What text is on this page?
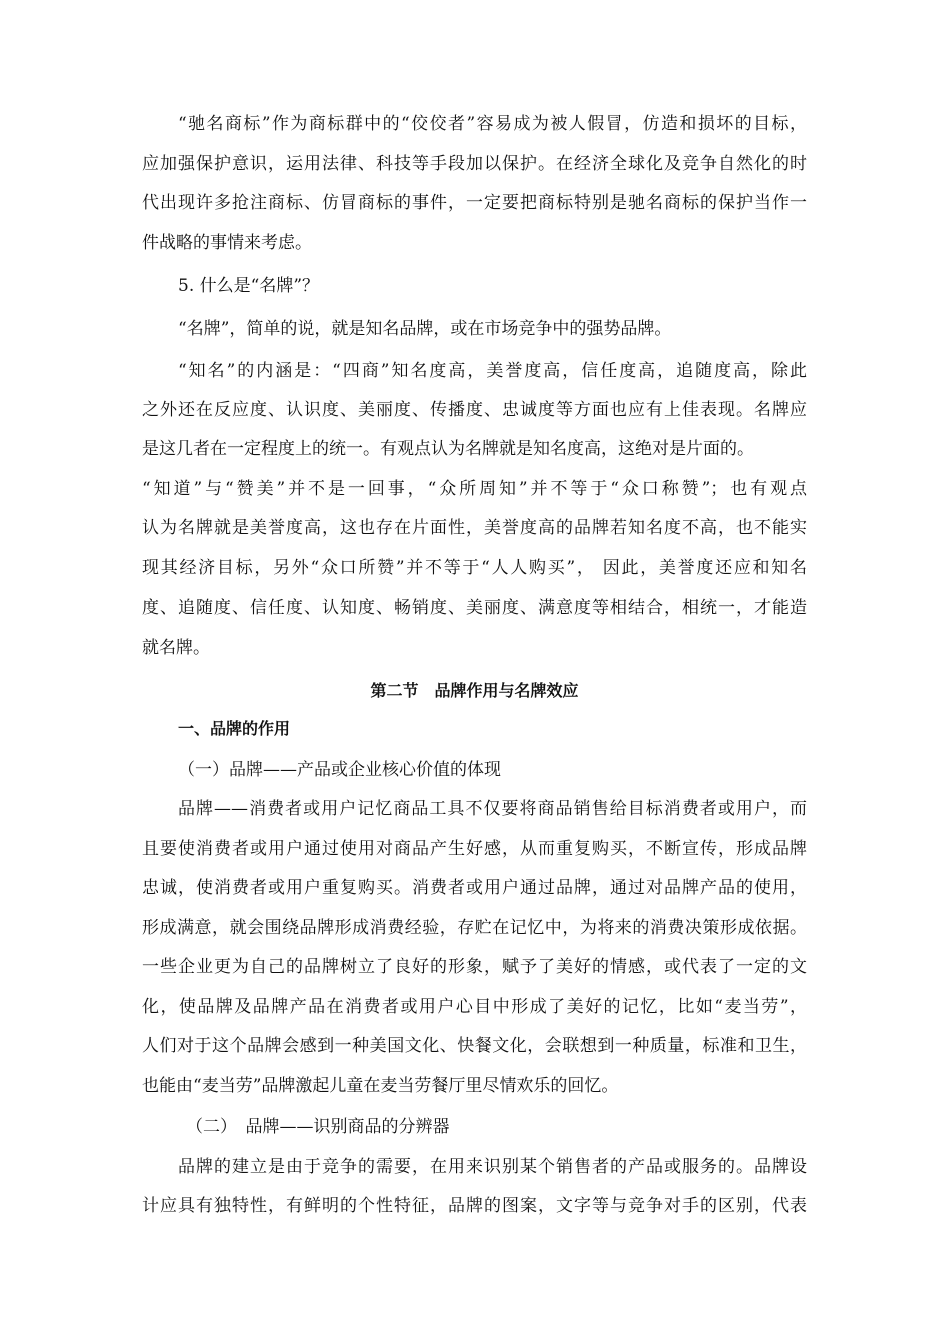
“驰名商标”作为商标群中的“佼佼者”容易成为被人假冒，仿造和损坏的目标，
应加强保护意识，运用法律、科技等手段加以保护。在经济全球化及竞争自然化的时
代出现许多抢注商标、仿冒商标的事件，一定要把商标特别是驰名商标的保护当作一
件战略的事情来考虑。
5. 什么是“名牌”？
“名牌”，简单的说，就是知名品牌，或在市场竞争中的强势品牌。
“知名”的内涵是：“四商”知名度高，美誉度高，信任度高，追随度高，除此
之外还在反应度、认识度、美丽度、传播度、忠诚度等方面也应有上佳表现。名牌应
是这几者在一定程度上的统一。有观点认为名牌就是知名度高，这绝对是片面的。
“知道”与“赞美”并不是一回事，“众所周知”并不等于“众口称赞”；也有观点
认为名牌就是美誉度高，这也存在片面性，美誉度高的品牌若知名度不高，也不能实
现其经济目标，另外“众口所赞”并不等于“人人购买”， 因此，美誉度还应和知名
度、追随度、信任度、认知度、畅销度、美丽度、满意度等相结合，相统一，才能造
就名牌。
第二节　品牌作用与名牌效应
一、品牌的作用
（一）品牌——产品或企业核心价值的体现
品牌——消费者或用户记忆商品工具不仅要将商品销售给目标消费者或用户，而
且要使消费者或用户通过使用对商品产生好感，从而重复购买，不断宣传，形成品牌
忠诚，使消费者或用户重复购买。消费者或用户通过品牌，通过对品牌产品的使用，
形成满意，就会围绕品牌形成消费经验，存贮在记忆中，为将来的消费决策形成依据。
一些企业更为自己的品牌树立了良好的形象，赋予了美好的情感，或代表了一定的文
化，使品牌及品牌产品在消费者或用户心目中形成了美好的记忆，比如“麦当劳”，
人们对于这个品牌会感到一种美国文化、快餐文化，会联想到一种质量，标准和卫生，
也能由“麦当劳”品牌激起儿童在麦当劳餐厅里尽情欢乐的回忆。
（二）　品牌——识别商品的分辨器
品牌的建立是由于竞争的需要，在用来识别某个销售者的产品或服务的。品牌设
计应具有独特性，有鲜明的个性特征，品牌的图案，文字等与竞争对手的区别，代表
